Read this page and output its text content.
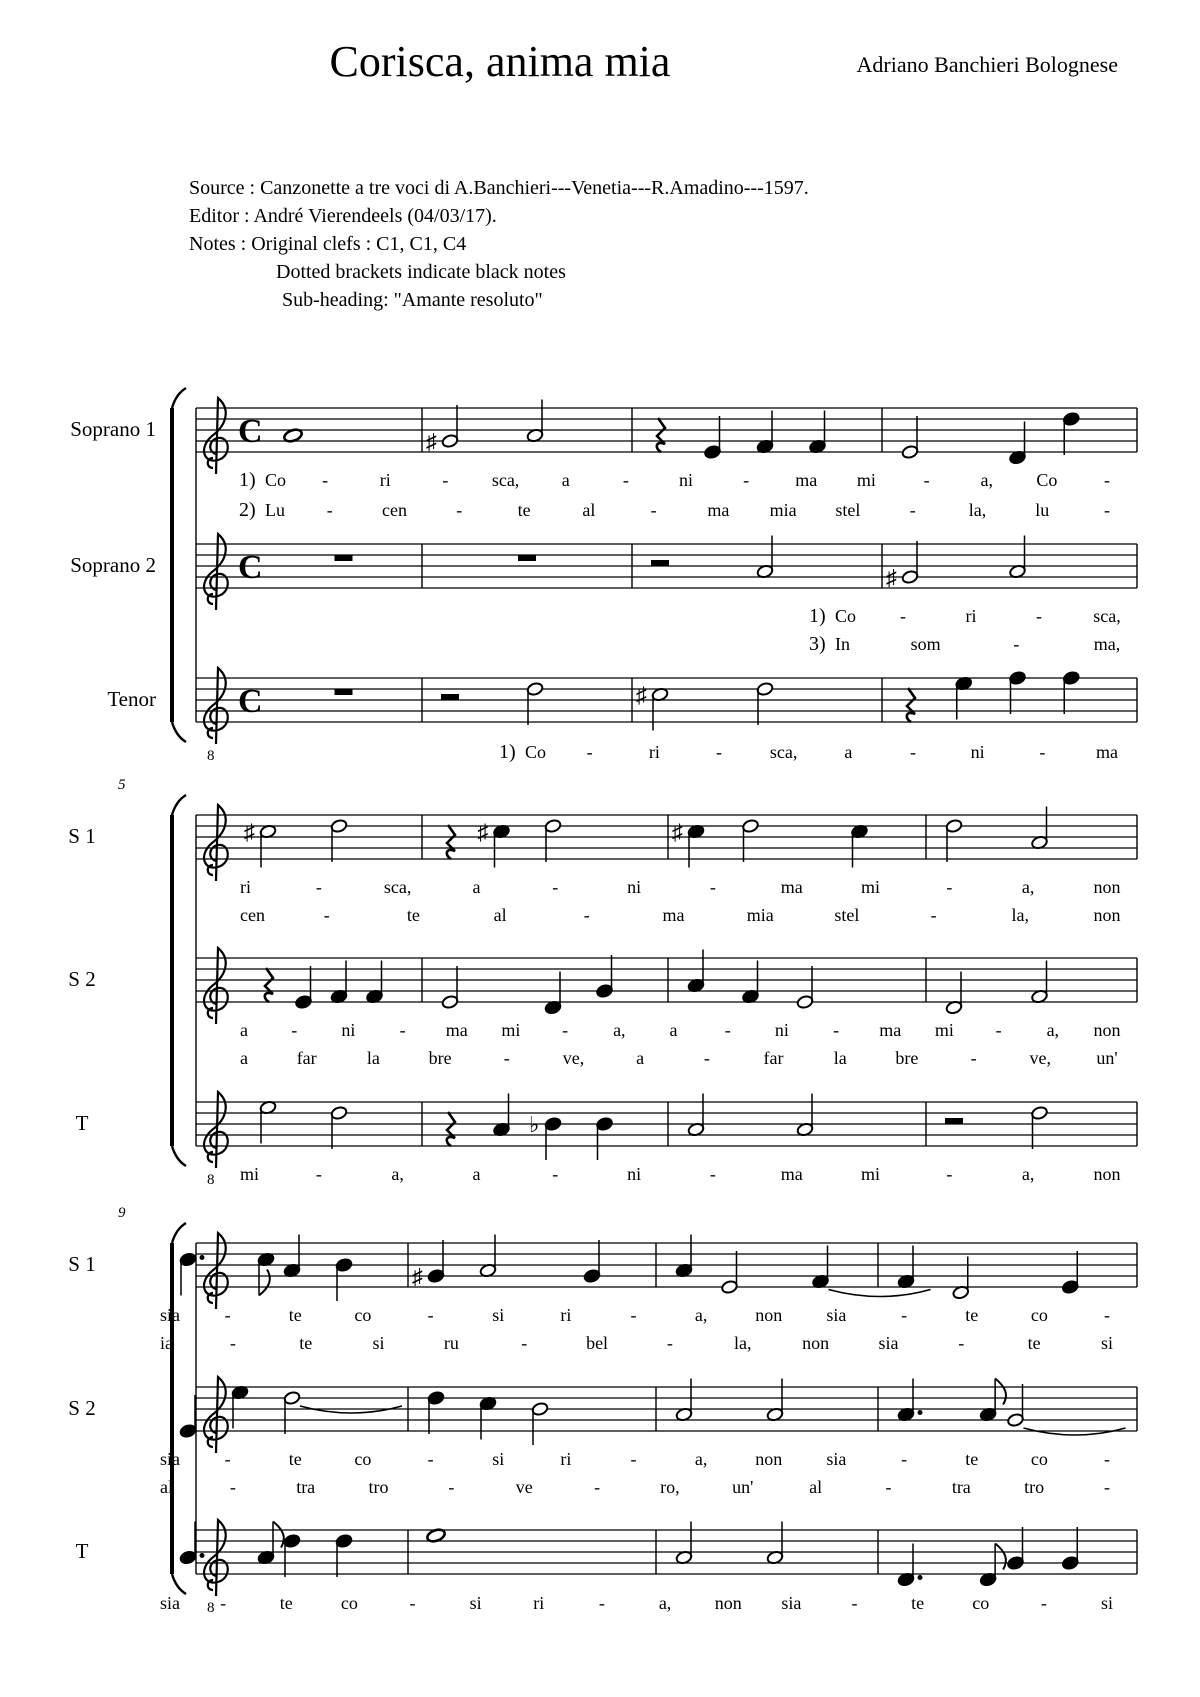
Corisca, anima mia	Adriano Banchieri Bolognese
Source : Canzonette a tre voci di A.Banchieri---Venetia---R.Amadino---1597.
Editor : André Vierendeels (04/03/17).
Notes : Original clefs : C1, C1, C4
Dotted brackets indicate black notes
Sub-heading: "Amante resoluto"
Soprano 1 C	♯
1) Co -	ri	- sca, a	-	ni	-	ma mi	-	a, Co	-
2) Lu -	cen	-	te	al	-	ma mia stel	-	la,	lu	-
Soprano 2 C	♯
1) Co -	ri	-	sca,
3) In	som	-	ma,
Tenor
8
C	♯
1) Co -	ri	-	sca,	a	-	ni	-	ma
5
S 1	♯	♯	♯
ri	-	sca,	a	-	ni	-	ma	mi	-	a,	non
cen	-	te	al	-	ma	mia	stel	-	la,	non
S 2
a - ni - ma mi - a, a	- ni - ma mi - a, non
a	far	la	bre	-	ve,	a	-	far	la	bre	-	ve,	un'
T
8
♭
mi	-	a,	a	-	ni	-	ma	mi	-	a,	non
9
S 1	♯
sia -	te	co	-	si	ri	-	a,	non sia	-	te	co	-
ia	-	te	si	ru	-	bel	-	la,	non	sia	-	te	si
S 2
sia -	te	co	-	si	ri	-	a,	non sia	-	te	co	-
al	-	tra	tro	-	ve	-	ro,	un'	al	-	tra	tro	-
T
8
sia -	te	co	-	si	ri	-	a, non sia	-	te	co	-	si
